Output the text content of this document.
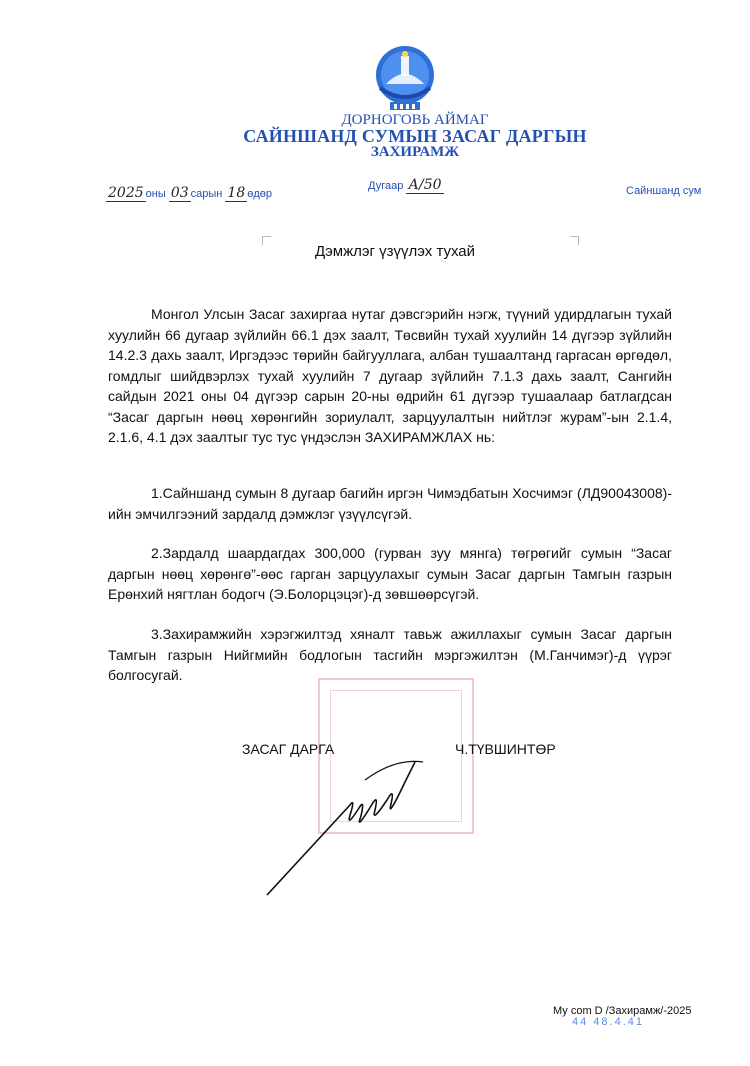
ДОРНОГОВЬ АЙМАГ
САЙНШАНД СУМЫН ЗАСАГ ДАРГЫН
ЗАХИРАМЖ
2025 оны 03 сарын 18 өдөр
Дугаар А/50	Сайншанд сум
Дэмжлэг үзүүлэх тухай
Монгол Улсын Засаг захиргаа нутаг дэвсгэрийн нэгж, түүний удирдлагын тухай хуулийн 66 дугаар зүйлийн 66.1 дэх заалт, Төсвийн тухай хуулийн 14 дүгээр зүйлийн 14.2.3 дахь заалт, Иргэдээс төрийн байгууллага, албан тушаалтанд гаргасан өргөдөл, гомдлыг шийдвэрлэх тухай хуулийн 7 дугаар зүйлийн 7.1.3 дахь заалт, Сангийн сайдын 2021 оны 04 дүгээр сарын 20-ны өдрийн 61 дүгээр тушаалаар батлагдсан “Засаг даргын нөөц хөрөнгийн зориулалт, зарцуулалтын нийтлэг журам”-ын 2.1.4, 2.1.6, 4.1 дэх заалтыг тус тус үндэслэн ЗАХИРАМЖЛАХ нь:
1.Сайншанд сумын 8 дугаар багийн иргэн Чимэдбатын Хосчимэг (ЛД90043008)-ийн эмчилгээний зардалд дэмжлэг үзүүлсүгэй.
2.Зардалд шаардагдах 300,000 (гурван зуу мянга) төгрөгийг сумын “Засаг даргын нөөц хөрөнгө”-өөс гарган зарцуулахыг сумын Засаг даргын Тамгын газрын Ерөнхий нягтлан бодогч (Э.Болорцэцэг)-д зөвшөөрсүгэй.
3.Захирамжийн хэрэгжилтэд хяналт тавьж ажиллахыг сумын Засаг даргын Тамгын газрын Нийгмийн бодлогын тасгийн мэргэжилтэн (М.Ганчимэг)-д үүрэг болгосугай.
ЗАСАГ ДАРГА	Ч.ТҮВШИНТӨР
Му com D /Захирамж/-2025
44 48.4.41
